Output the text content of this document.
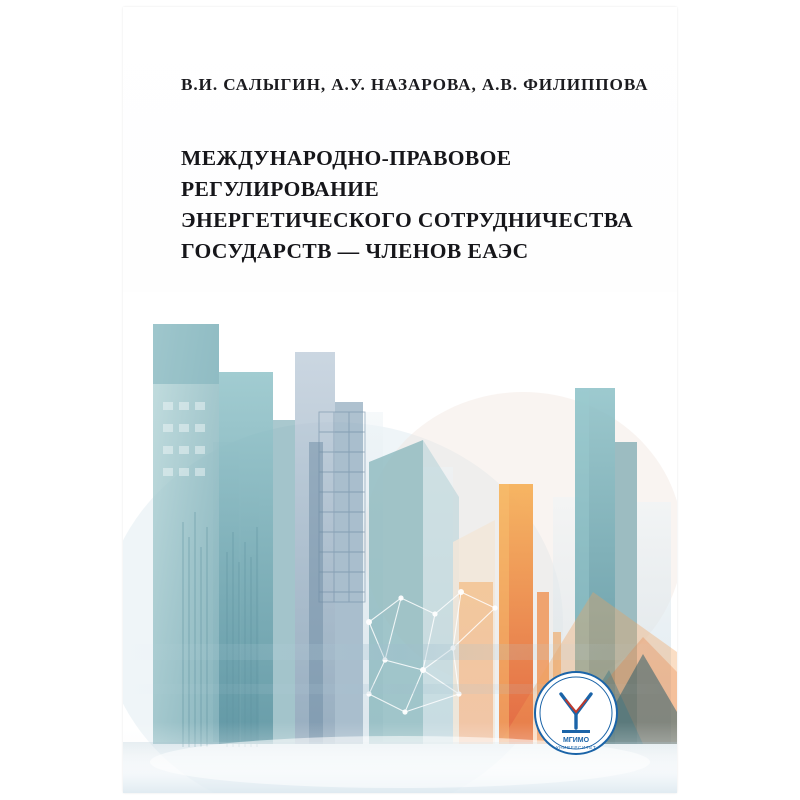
В.И. САЛЫГИН, А.У. НАЗАРОВА, А.В. ФИЛИППОВА
МЕЖДУНАРОДНО-ПРАВОВОЕ
РЕГУЛИРОВАНИЕ
ЭНЕРГЕТИЧЕСКОГО СОТРУДНИЧЕСТВА
ГОСУДАРСТВ — ЧЛЕНОВ ЕАЭС
МГИМО
УНИВЕРСИТЕТ
